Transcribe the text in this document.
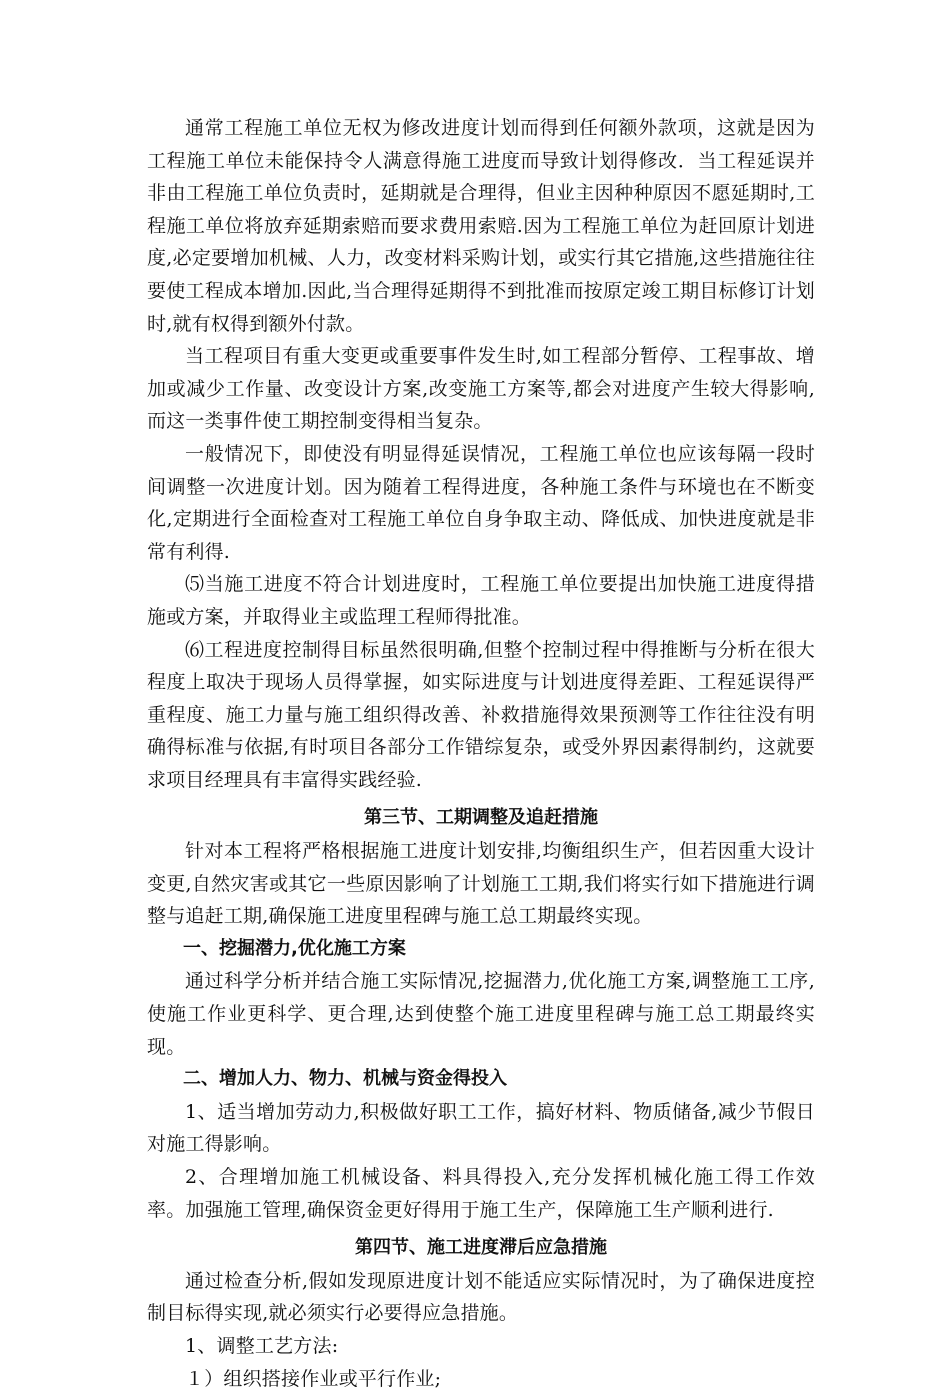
通常工程施工单位无权为修改进度计划而得到任何额外款项，这就是因为工程施工单位未能保持令人满意得施工进度而导致计划得修改．当工程延误并非由工程施工单位负责时，延期就是合理得，但业主因种种原因不愿延期时,工程施工单位将放弃延期索赔而要求费用索赔.因为工程施工单位为赶回原计划进度,必定要增加机械、人力，改变材料采购计划，或实行其它措施,这些措施往往要使工程成本增加.因此,当合理得延期得不到批准而按原定竣工期目标修订计划时,就有权得到额外付款。

当工程项目有重大变更或重要事件发生时,如工程部分暂停、工程事故、增加或减少工作量、改变设计方案,改变施工方案等,都会对进度产生较大得影响,而这一类事件使工期控制变得相当复杂。

一般情况下，即使没有明显得延误情况，工程施工单位也应该每隔一段时间调整一次进度计划。因为随着工程得进度，各种施工条件与环境也在不断变化,定期进行全面检查对工程施工单位自身争取主动、降低成、加快进度就是非常有利得.

⑸当施工进度不符合计划进度时，工程施工单位要提出加快施工进度得措施或方案，并取得业主或监理工程师得批准。

⑹工程进度控制得目标虽然很明确,但整个控制过程中得推断与分析在很大程度上取决于现场人员得掌握，如实际进度与计划进度得差距、工程延误得严重程度、施工力量与施工组织得改善、补救措施得效果预测等工作往往没有明确得标准与依据,有时项目各部分工作错综复杂，或受外界因素得制约，这就要求项目经理具有丰富得实践经验.

第三节、工期调整及追赶措施

针对本工程将严格根据施工进度计划安排,均衡组织生产，但若因重大设计变更,自然灾害或其它一些原因影响了计划施工工期,我们将实行如下措施进行调整与追赶工期,确保施工进度里程碑与施工总工期最终实现。

一、挖掘潜力,优化施工方案

通过科学分析并结合施工实际情况,挖掘潜力,优化施工方案,调整施工工序,使施工作业更科学、更合理,达到使整个施工进度里程碑与施工总工期最终实现。

二、增加人力、物力、机械与资金得投入

1、适当增加劳动力,积极做好职工工作，搞好材料、物质储备,减少节假日对施工得影响。

2、合理增加施工机械设备、料具得投入,充分发挥机械化施工得工作效率。加强施工管理,确保资金更好得用于施工生产，保障施工生产顺利进行.

第四节、施工进度滞后应急措施

通过检查分析,假如发现原进度计划不能适应实际情况时，为了确保进度控制目标得实现,就必须实行必要得应急措施。

1、调整工艺方法:

１）组织搭接作业或平行作业;
